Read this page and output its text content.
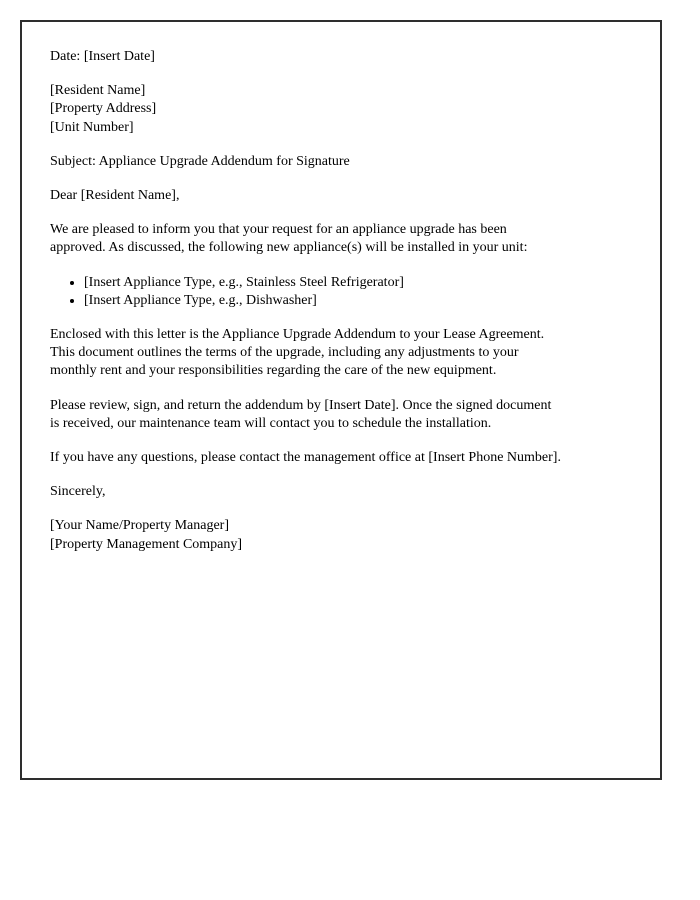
Date: [Insert Date]
[Resident Name]
[Property Address]
[Unit Number]
Subject: Appliance Upgrade Addendum for Signature
Dear [Resident Name],
We are pleased to inform you that your request for an appliance upgrade has been
approved. As discussed, the following new appliance(s) will be installed in your unit:
• [Insert Appliance Type, e.g., Stainless Steel Refrigerator]
• [Insert Appliance Type, e.g., Dishwasher]
Enclosed with this letter is the Appliance Upgrade Addendum to your Lease Agreement.
This document outlines the terms of the upgrade, including any adjustments to your
monthly rent and your responsibilities regarding the care of the new equipment.
Please review, sign, and return the addendum by [Insert Date]. Once the signed document
is received, our maintenance team will contact you to schedule the installation.
If you have any questions, please contact the management office at [Insert Phone Number].
Sincerely,
[Your Name/Property Manager]
[Property Management Company]
